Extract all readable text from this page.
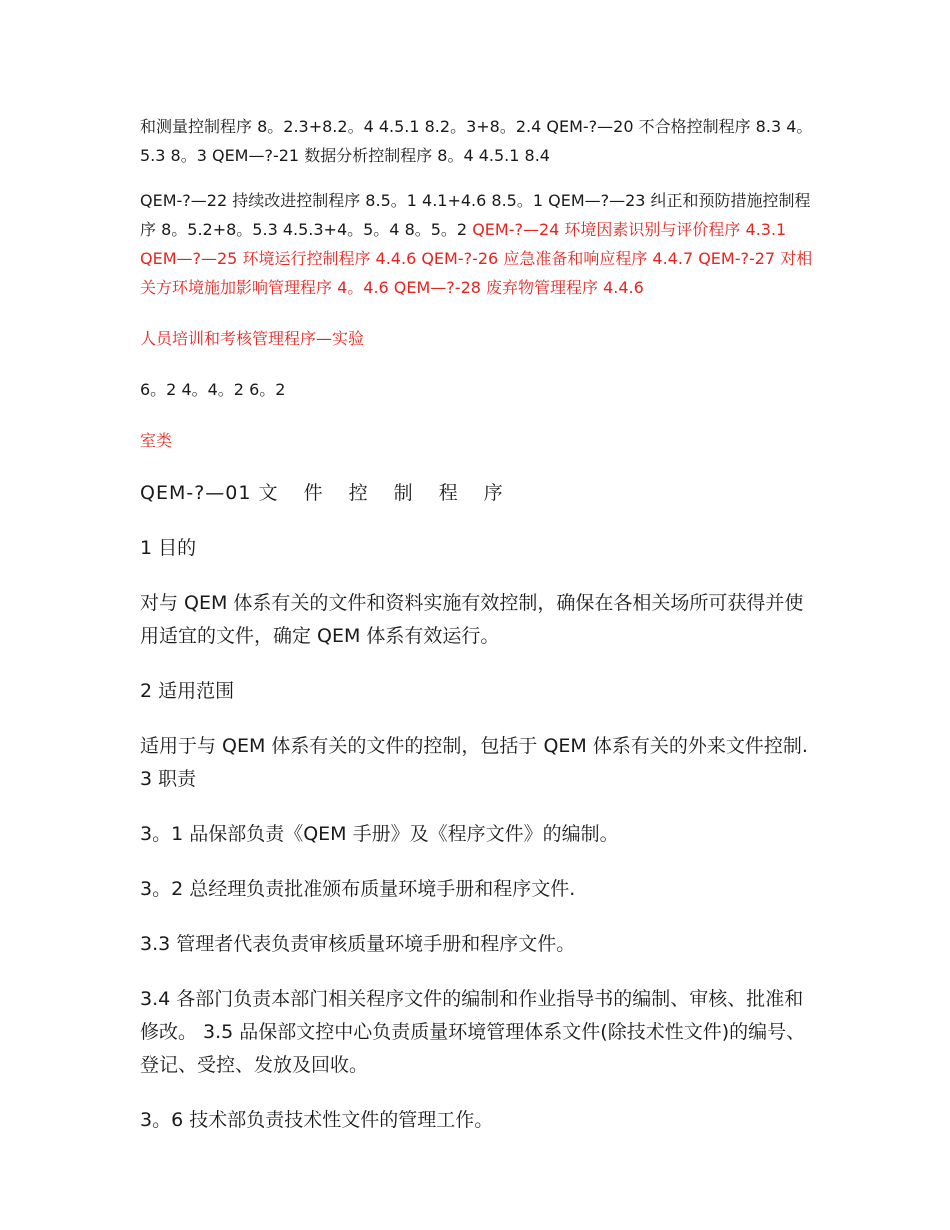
和测量控制程序 8。2.3+8.2。4 4.5.1 8.2。3+8。2.4 QEM-?—20 不合格控制程序 8.3 4。5.3 8。3 QEM—?-21 数据分析控制程序 8。4 4.5.1 8.4

QEM-?—22 持续改进控制程序 8.5。1 4.1+4.6 8.5。1 QEM—?—23 纠正和预防措施控制程序 8。5.2+8。5.3 4.5.3+4。5。4 8。5。2 QEM-?—24 环境因素识别与评价程序 4.3.1 QEM—?—25 环境运行控制程序 4.4.6 QEM-?-26 应急准备和响应程序 4.4.7 QEM-?-27 对相关方环境施加影响管理程序 4。4.6 QEM—?-28 废弃物管理程序 4.4.6

人员培训和考核管理程序—实验

6。2 4。4。2 6。2

室类

QEM-?—01 文 件 控 制 程 序

1 目的

对与 QEM 体系有关的文件和资料实施有效控制，确保在各相关场所可获得并使用适宜的文件，确定 QEM 体系有效运行。

2 适用范围

适用于与 QEM 体系有关的文件的控制，包括于 QEM 体系有关的外来文件控制. 3 职责

3。1 品保部负责《QEM 手册》及《程序文件》的编制。

3。2 总经理负责批准颁布质量环境手册和程序文件.

3.3 管理者代表负责审核质量环境手册和程序文件。

3.4 各部门负责本部门相关程序文件的编制和作业指导书的编制、审核、批准和修改。 3.5 品保部文控中心负责质量环境管理体系文件(除技术性文件)的编号、登记、受控、发放及回收。

3。6 技术部负责技术性文件的管理工作。
